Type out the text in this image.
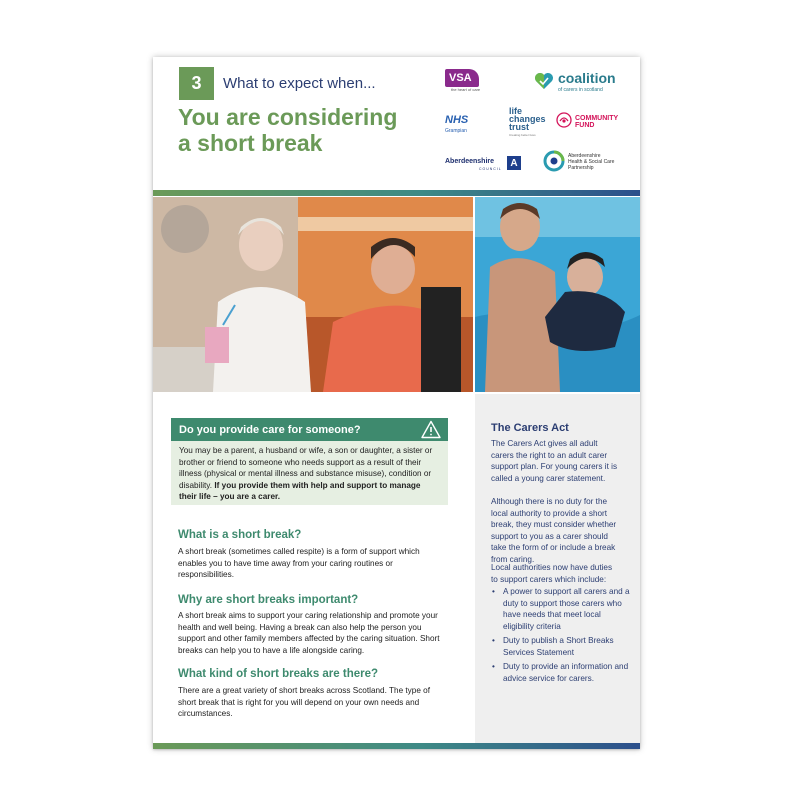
3	What to expect when...
You are considering
a short break
VSA
the heart of care
coalition
of carers in scotland
NHS
Grampian
life
changes
trust
Creating better lives
COMMUNITY
FUND
Aberdeenshire
COUNCIL
A
Aberdeenshire
Health & Social Care
Partnership
Do you provide care for someone?
You may be a parent, a husband or wife, a son or daughter, a sister or brother or friend to someone who needs support as a result of their illness (physical or mental illness and substance misuse), condition or disability. If you provide them with help and support to manage their life – you are a carer.
What is a short break?
A short break (sometimes called respite) is a form of support which enables you to have time away from your caring routines or responsibilities.
Why are short breaks important?
A short break aims to support your caring relationship and promote your health and well being. Having a break can also help the person you support and other family members affected by the caring situation. Short breaks can help you to have a life alongside caring.
What kind of short breaks are there?
There are a great variety of short breaks across Scotland. The type of short break that is right for you will depend on your own needs and circumstances.
The Carers Act
The Carers Act gives all adult carers the right to an adult carer support plan. For young carers it is called a young carer statement.
Although there is no duty for the local authority to provide a short break, they must consider whether support to you as a carer should take the form of or include a break from caring.
Local authorities now have duties to support carers which include:
• A power to support all carers and a duty to support those carers who have needs that meet local eligibility criteria
• Duty to publish a Short Breaks Services Statement
• Duty to provide an information and advice service for carers.
